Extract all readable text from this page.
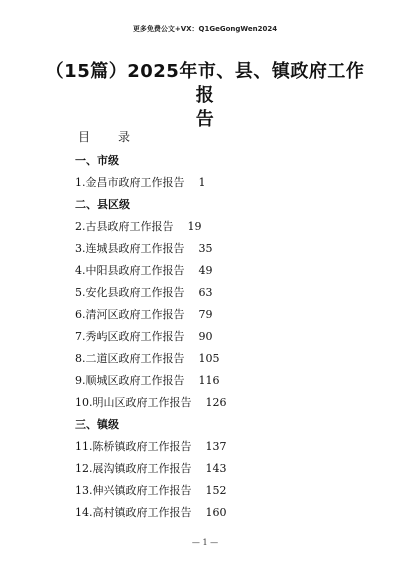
更多免费公文+VX：Q1GeGongWen2024
（15篇）2025年市、县、镇政府工作报
告
目　录
一、市级
1.金昌市政府工作报告 1
二、县区级
2.古县政府工作报告 19
3.连城县政府工作报告 35
4.中阳县政府工作报告 49
5.安化县政府工作报告 63
6.清河区政府工作报告 79
7.秀屿区政府工作报告 90
8.二道区政府工作报告 105
9.顺城区政府工作报告 116
10.明山区政府工作报告 126
三、镇级
11.陈桥镇政府工作报告 137
12.展沟镇政府工作报告 143
13.伸兴镇政府工作报告 152
14.高村镇政府工作报告 160
— 1 —
